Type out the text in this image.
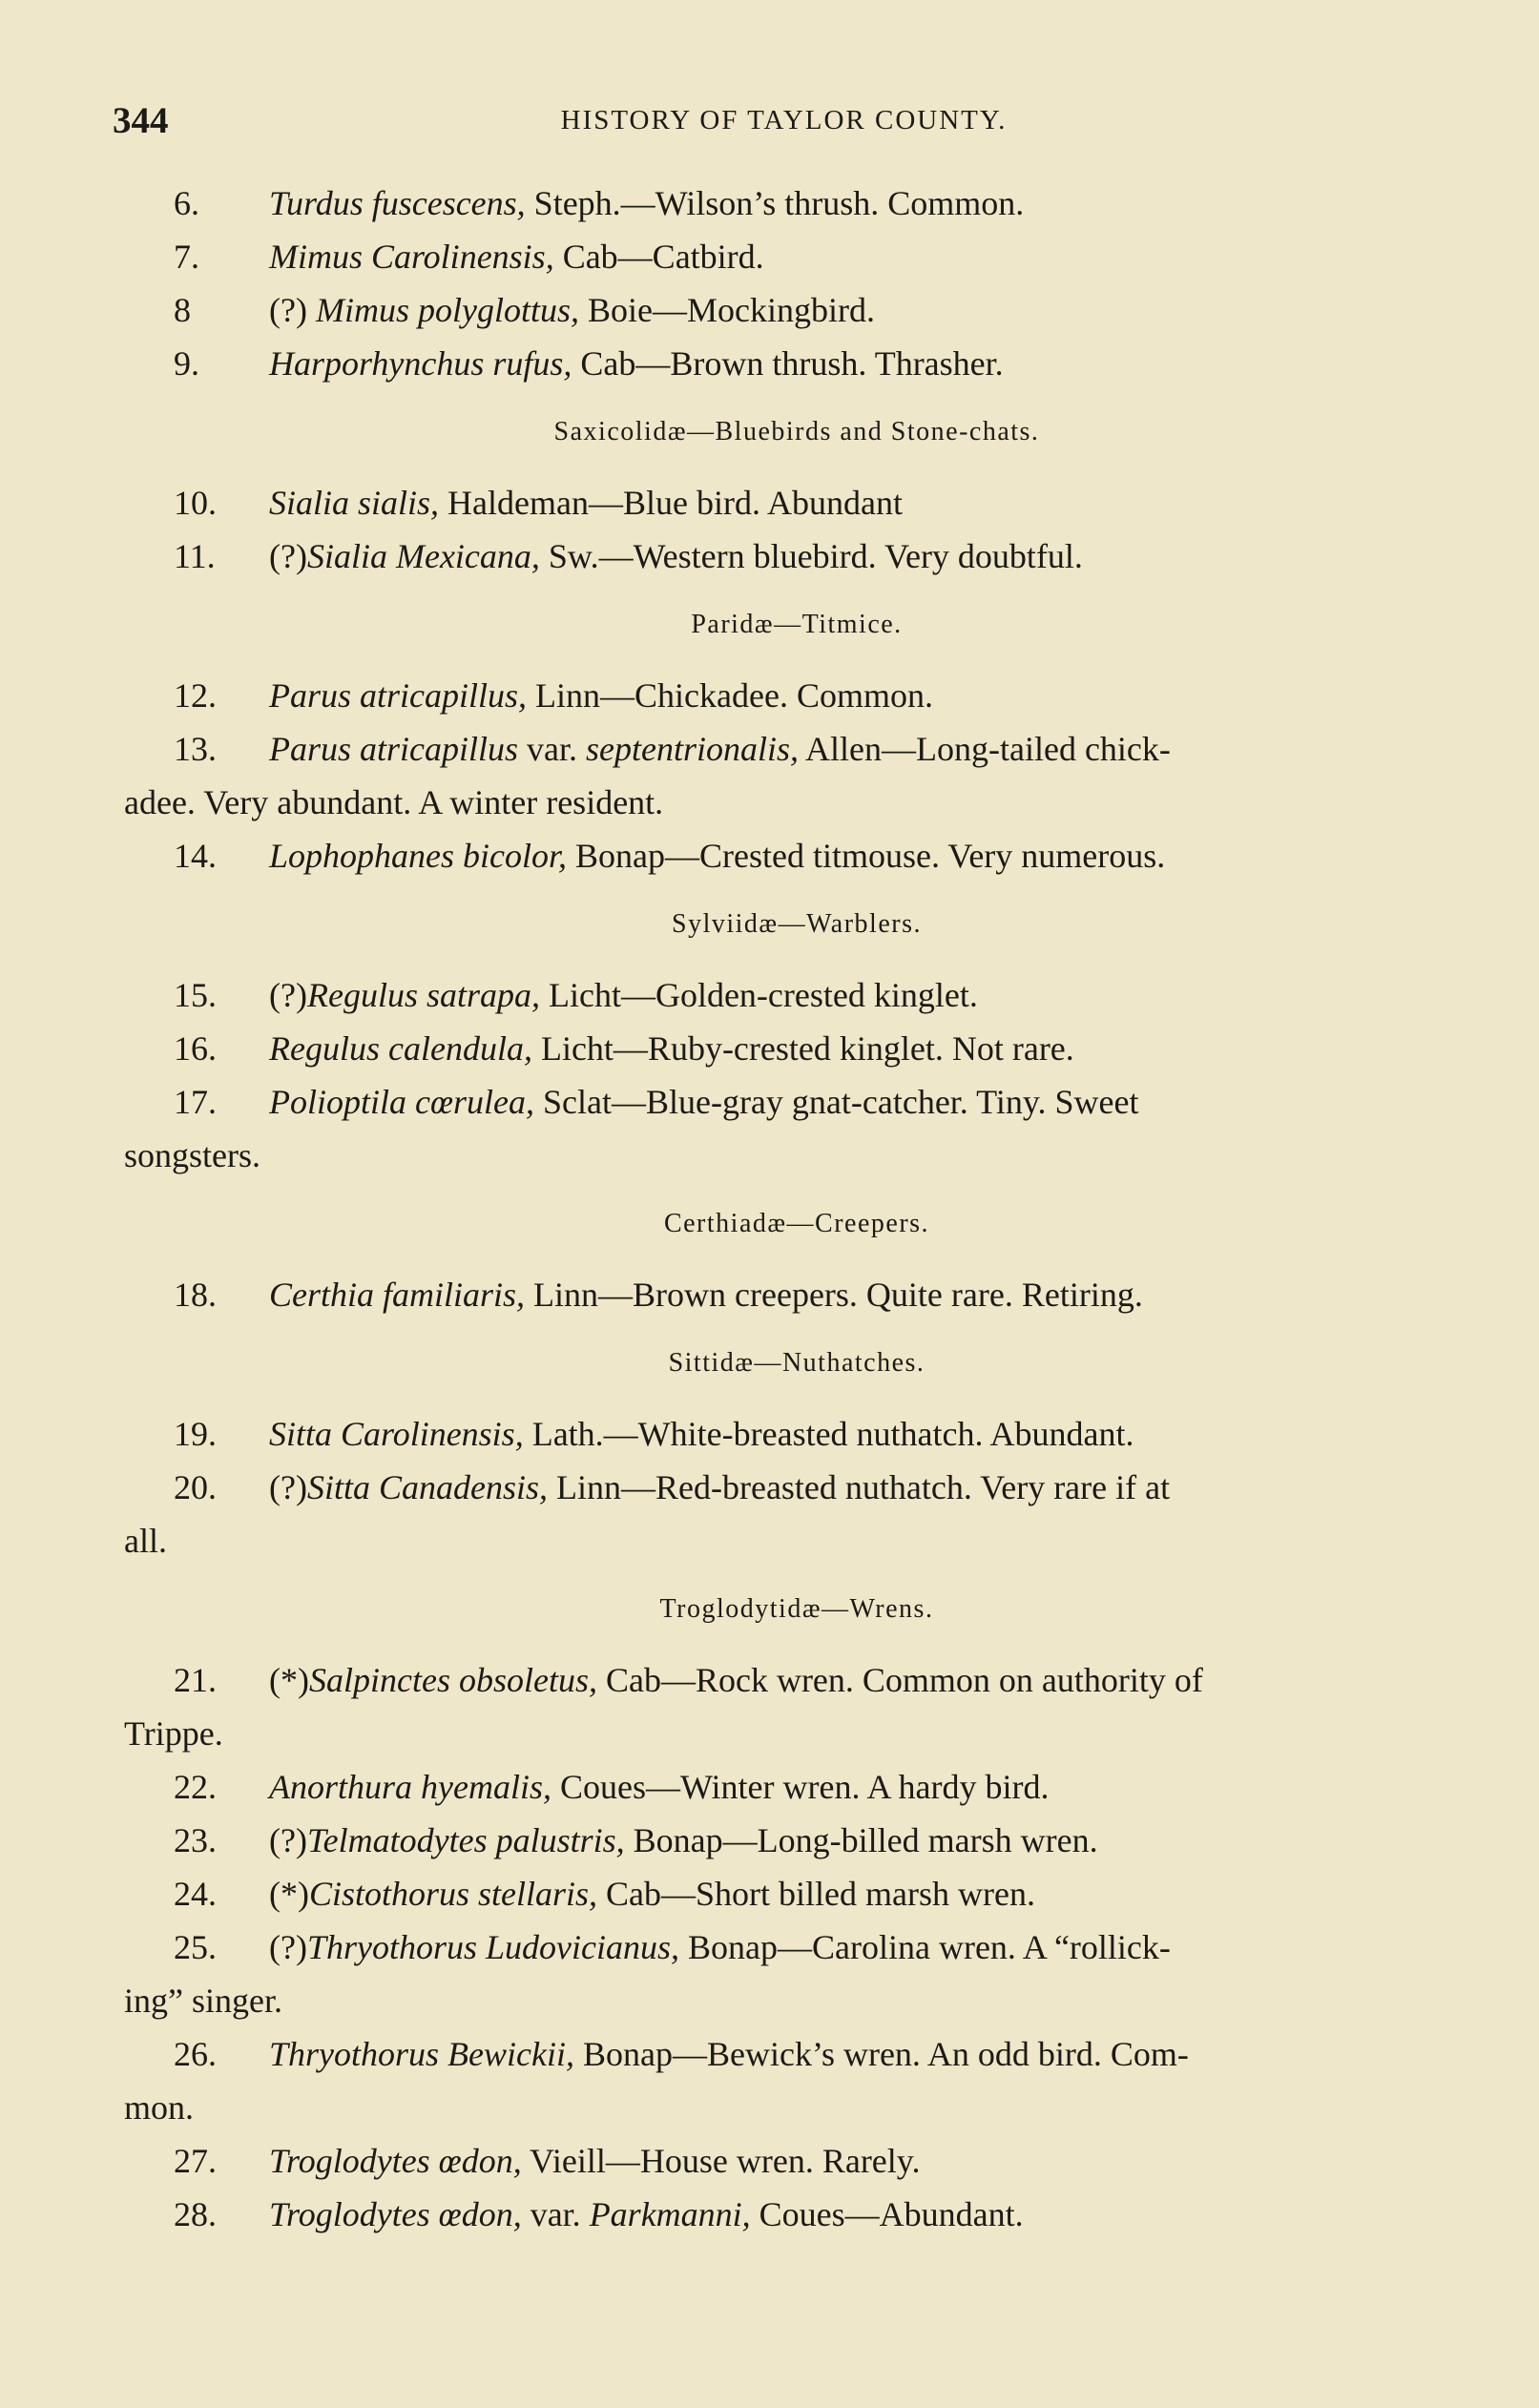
344	HISTORY OF TAYLOR COUNTY.
6. Turdus fuscescens, Steph.—Wilson’s thrush. Common.
7. Mimus Carolinensis, Cab—Catbird.
8 (?) Mimus polyglottus, Boie—Mockingbird.
9. Harporhynchus rufus, Cab—Brown thrush. Thrasher.
Saxicolidæ—Bluebirds and Stone-chats.
10. Sialia sialis, Haldeman—Blue bird. Abundant
11. (?)Sialia Mexicana, Sw.—Western bluebird. Very doubtful.
Paridæ—Titmice.
12. Parus atricapillus, Linn—Chickadee. Common.
13. Parus atricapillus var. septentrionalis, Allen—Long-tailed chick-
adee. Very abundant. A winter resident.
14. Lophophanes bicolor, Bonap—Crested titmouse. Very numerous.
Sylviidæ—Warblers.
15. (?)Regulus satrapa, Licht—Golden-crested kinglet.
16. Regulus calendula, Licht—Ruby-crested kinglet. Not rare.
17. Polioptila cœrulea, Sclat—Blue-gray gnat-catcher. Tiny. Sweet
songsters.
Certhiadæ—Creepers.
18. Certhia familiaris, Linn—Brown creepers. Quite rare. Retiring.
Sittidæ—Nuthatches.
19. Sitta Carolinensis, Lath.—White-breasted nuthatch. Abundant.
20. (?)Sitta Canadensis, Linn—Red-breasted nuthatch. Very rare if at
all.
Troglodytidæ—Wrens.
21. (*)Salpinctes obsoletus, Cab—Rock wren. Common on authority of
Trippe.
22. Anorthura hyemalis, Coues—Winter wren. A hardy bird.
23. (?)Telmatodytes palustris, Bonap—Long-billed marsh wren.
24. (*)Cistothorus stellaris, Cab—Short billed marsh wren.
25. (?)Thryothorus Ludovicianus, Bonap—Carolina wren. A “rollick-
ing” singer.
26. Thryothorus Bewickii, Bonap—Bewick’s wren. An odd bird. Com-
mon.
27. Troglodytes œdon, Vieill—House wren. Rarely.
28. Troglodytes œdon, var. Parkmanni, Coues—Abundant.
